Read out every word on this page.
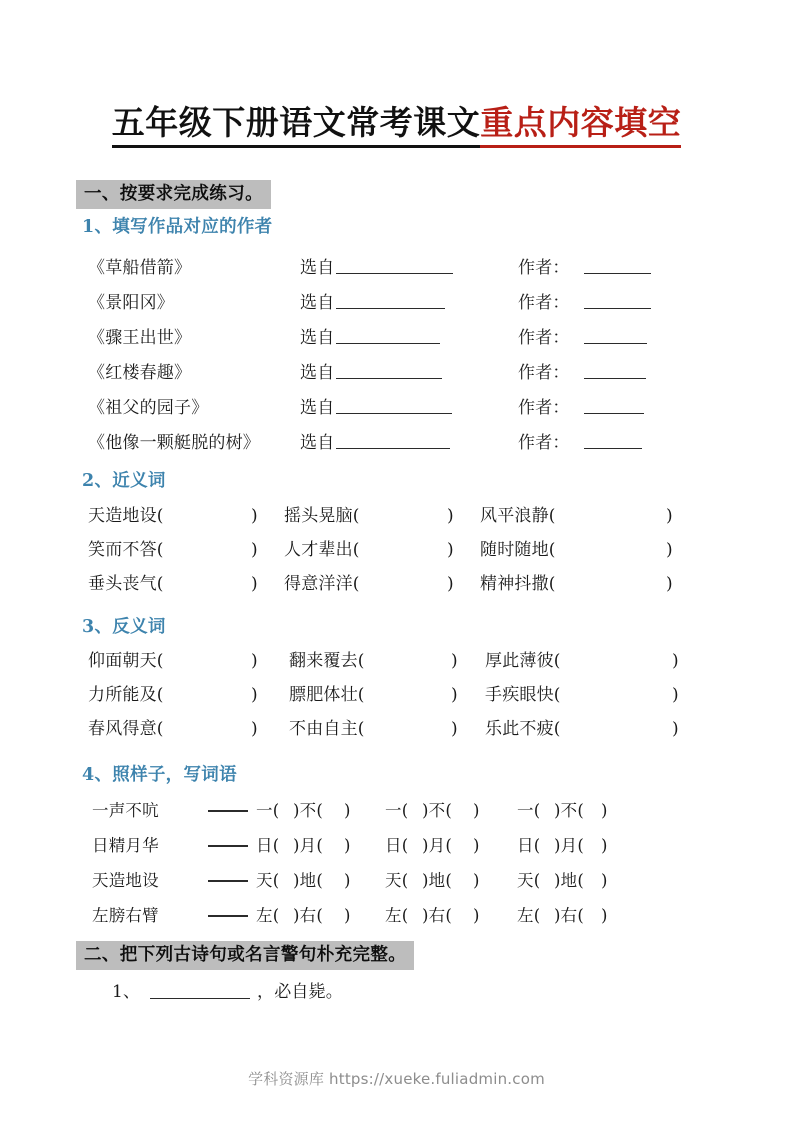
五年级下册语文常考课文重点内容填空
一、按要求完成练习。
1、填写作品对应的作者
《草船借箭》	选自	作者：
《景阳冈》	选自	作者：
《骤王出世》	选自	作者：
《红楼春趣》	选自	作者：
《祖父的园子》	选自	作者：
《他像一颗艇脱的树》 选自	作者：
2、近义词
天造地设(	) 摇头晃脑(	) 风平浪静(	)
笑而不答(	) 人才辈出(	) 随时随地(	)
垂头丧气(	) 得意洋洋(	) 精神抖撒(	)
3、反义词
仰面朝天(	) 翻来覆去(	) 厚此薄彼(	)
力所能及(	) 膘肥体壮(	) 手疾眼快(	)
春风得意(	) 不由自主(	) 乐此不疲(	)
4、照样子，写词语
一声不吭	一( )不( ) 一( )不( ) 一( )不( )
日精月华	日( )月( ) 日( )月( ) 日( )月( )
天造地设	天( )地( ) 天( )地( ) 天( )地( )
左膀右臂	左( )右( ) 左( )右( ) 左( )右( )
二、把下列古诗句或名言警句朴充完整。
1、	，必自毙。
学科资源库 https://xueke.fuliadmin.com
